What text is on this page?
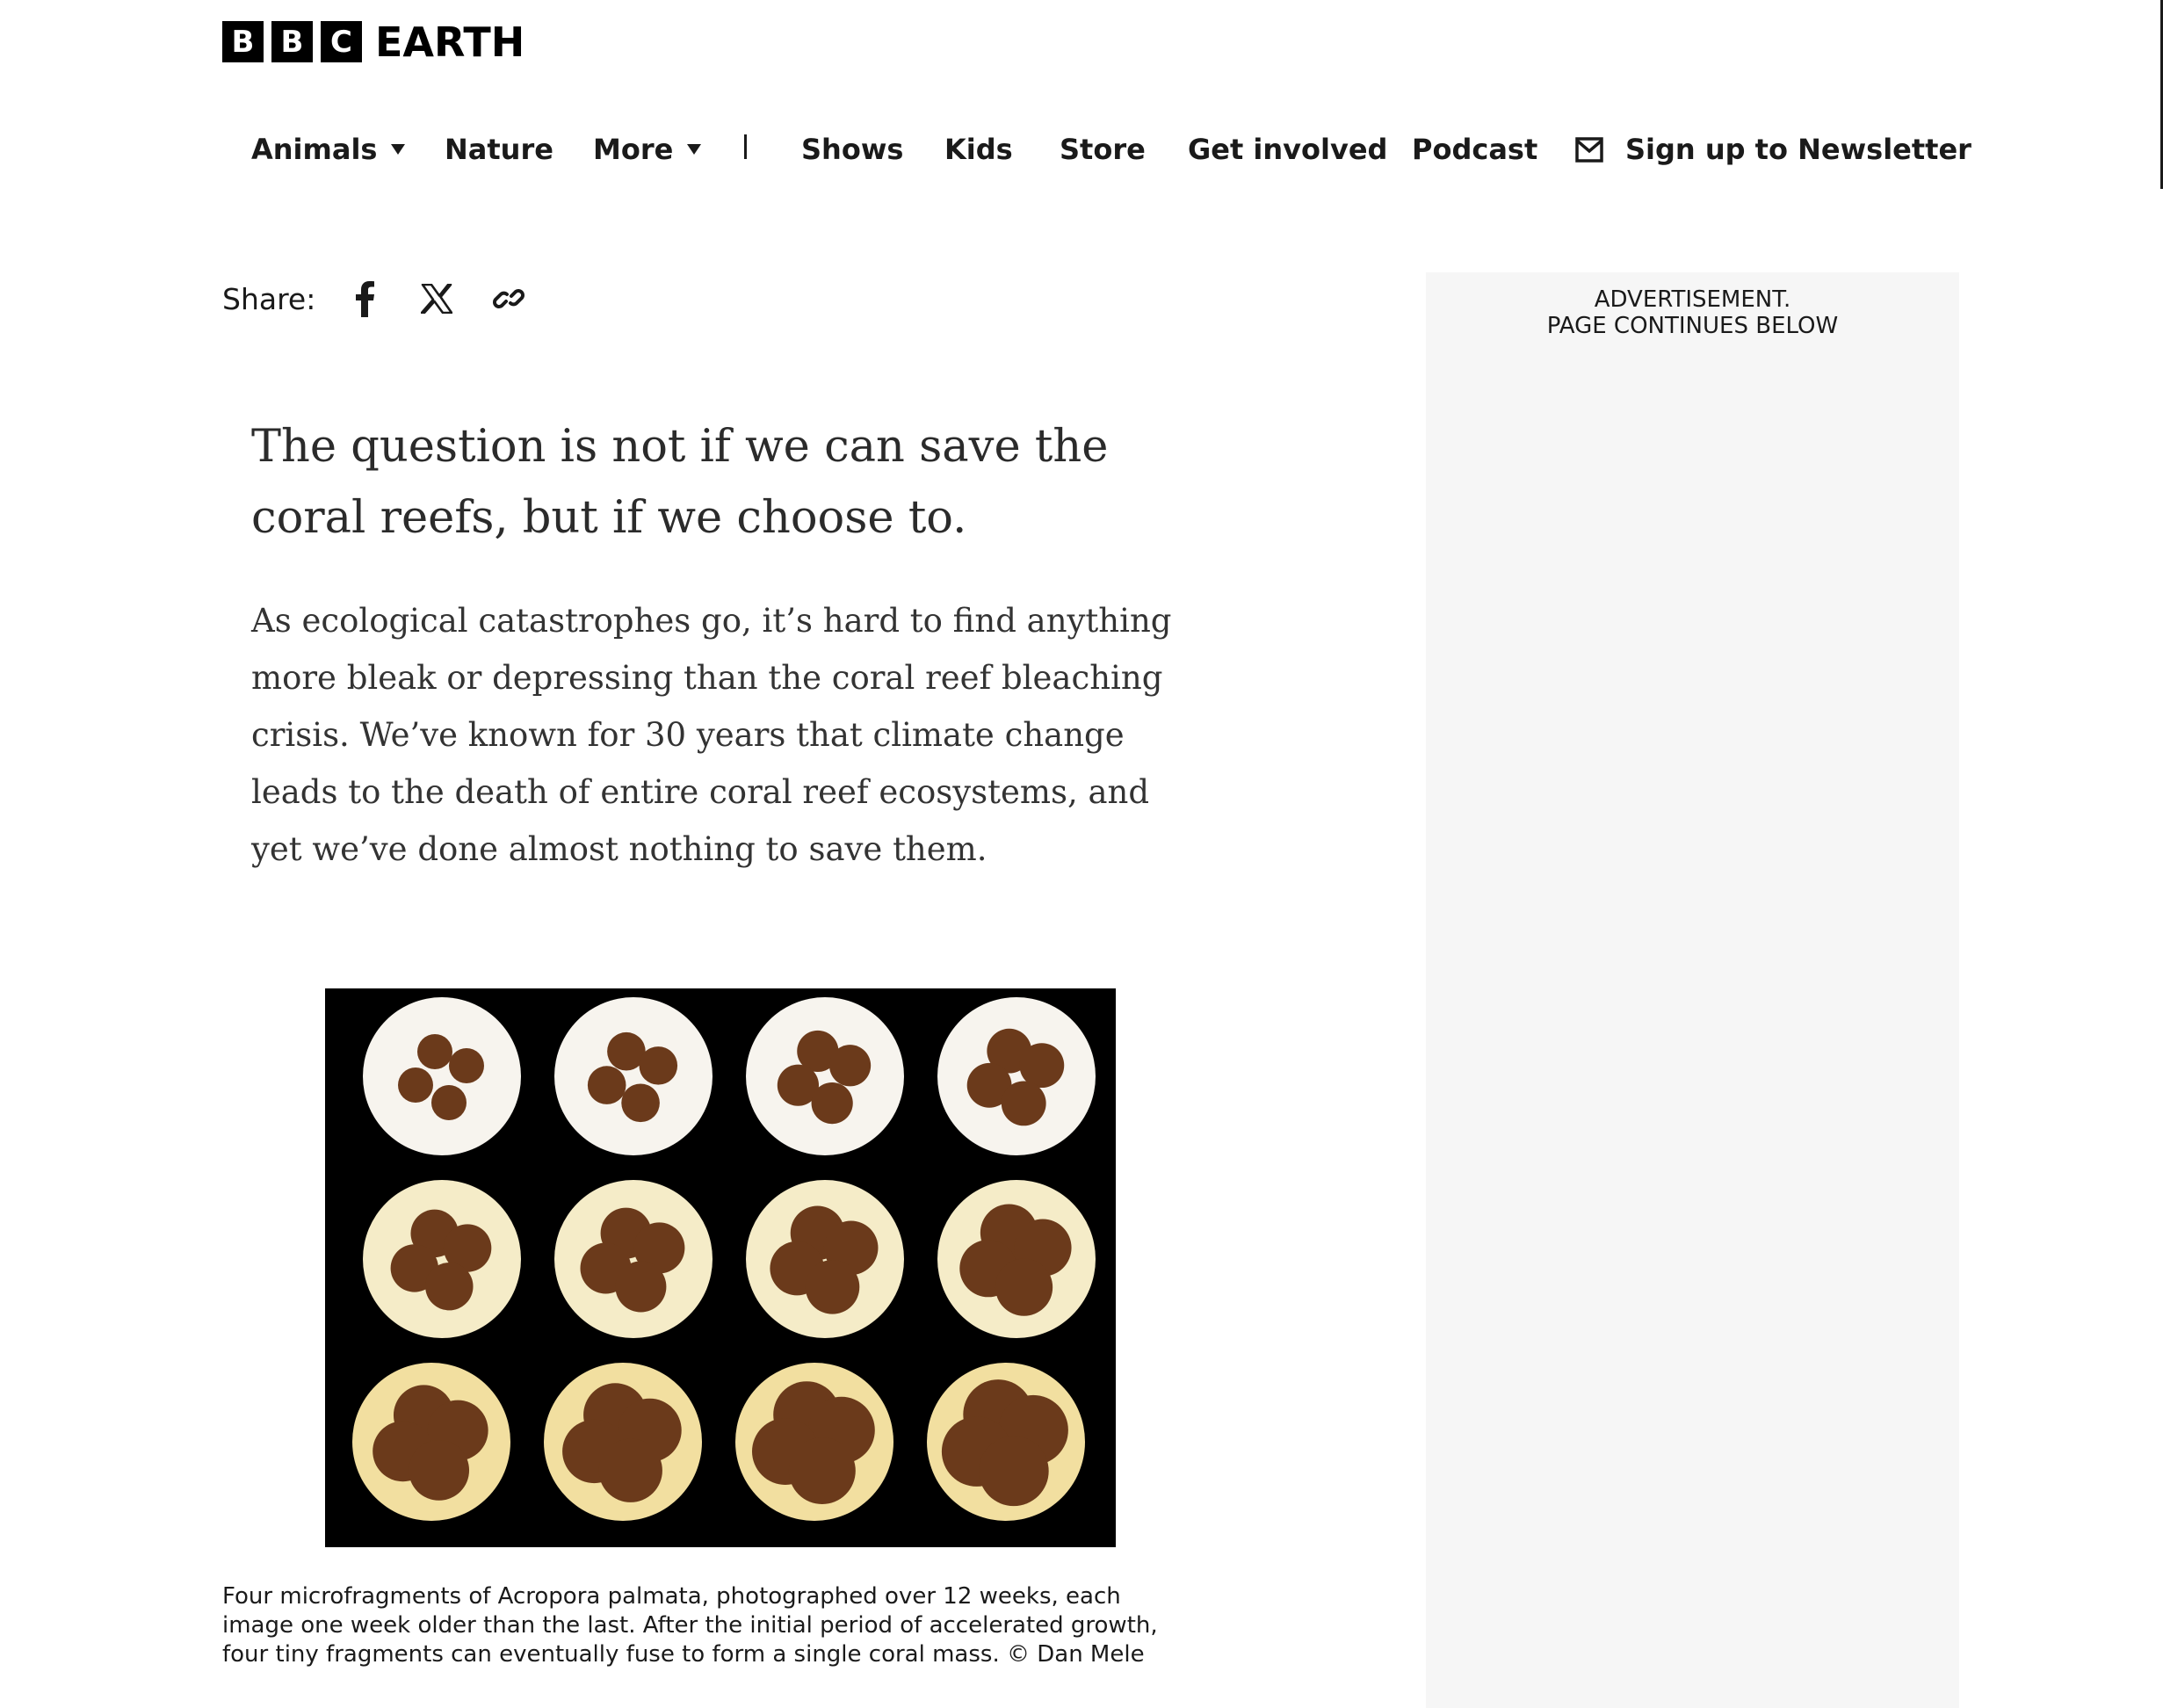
B B C EARTH
Animals Nature More	Shows Kids Store Get involved Podcast	Sign up to Newsletter
Share:
The question is not if we can save the coral reefs, but if we choose to.

As ecological catastrophes go, it’s hard to find anything more bleak or depressing than the coral reef bleaching crisis. We’ve known for 30 years that climate change leads to the death of entire coral reef ecosystems, and yet we’ve done almost nothing to save them.

Four microfragments of Acropora palmata, photographed over 12 weeks, each image one week older than the last. After the initial period of accelerated growth, four tiny fragments can eventually fuse to form a single coral mass. © Dan Mele

ADVERTISEMENT.
PAGE CONTINUES BELOW
